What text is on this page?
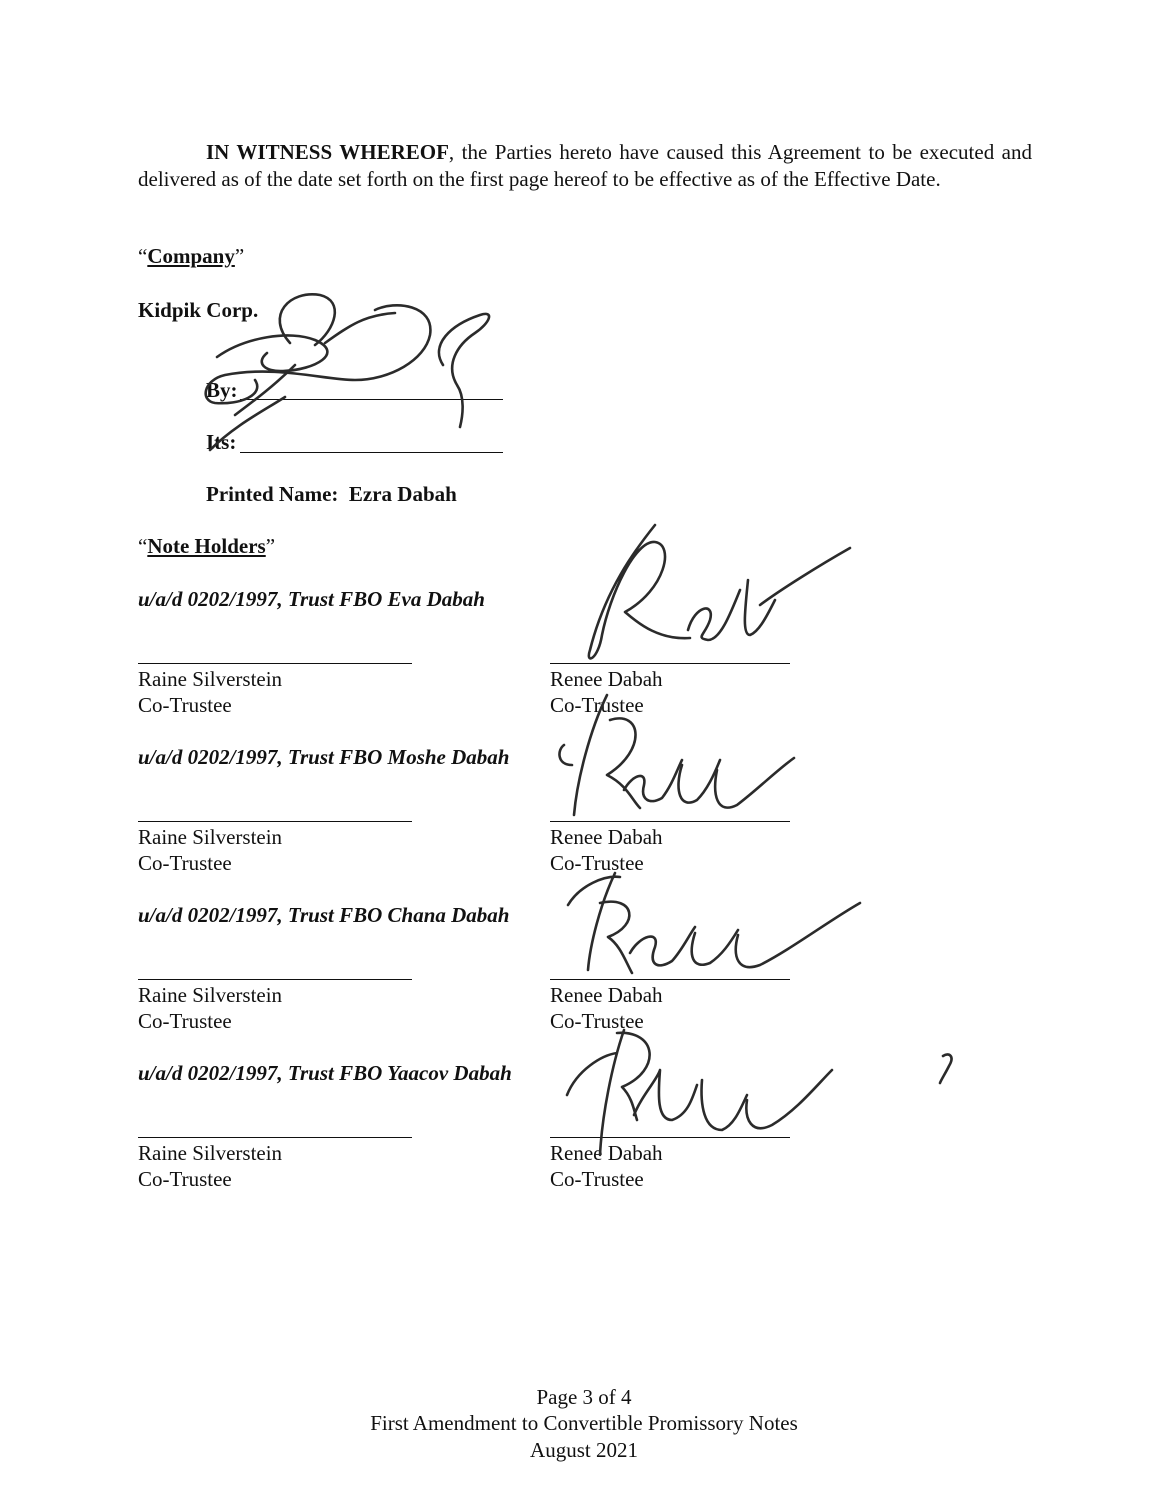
IN WITNESS WHEREOF, the Parties hereto have caused this Agreement to be executed and delivered as of the date set forth on the first page hereof to be effective as of the Effective Date.
“Company”
Kidpik Corp.
By:
Its:
Printed Name: Ezra Dabah
“Note Holders”
u/a/d 0202/1997, Trust FBO Eva Dabah
Raine Silverstein
Co-Trustee
Renee Dabah
Co-Trustee
u/a/d 0202/1997, Trust FBO Moshe Dabah
Raine Silverstein
Co-Trustee
Renee Dabah
Co-Trustee
u/a/d 0202/1997, Trust FBO Chana Dabah
Raine Silverstein
Co-Trustee
Renee Dabah
Co-Trustee
u/a/d 0202/1997, Trust FBO Yaacov Dabah
Raine Silverstein
Co-Trustee
Renee Dabah
Co-Trustee
Page 3 of 4
First Amendment to Convertible Promissory Notes
August 2021
